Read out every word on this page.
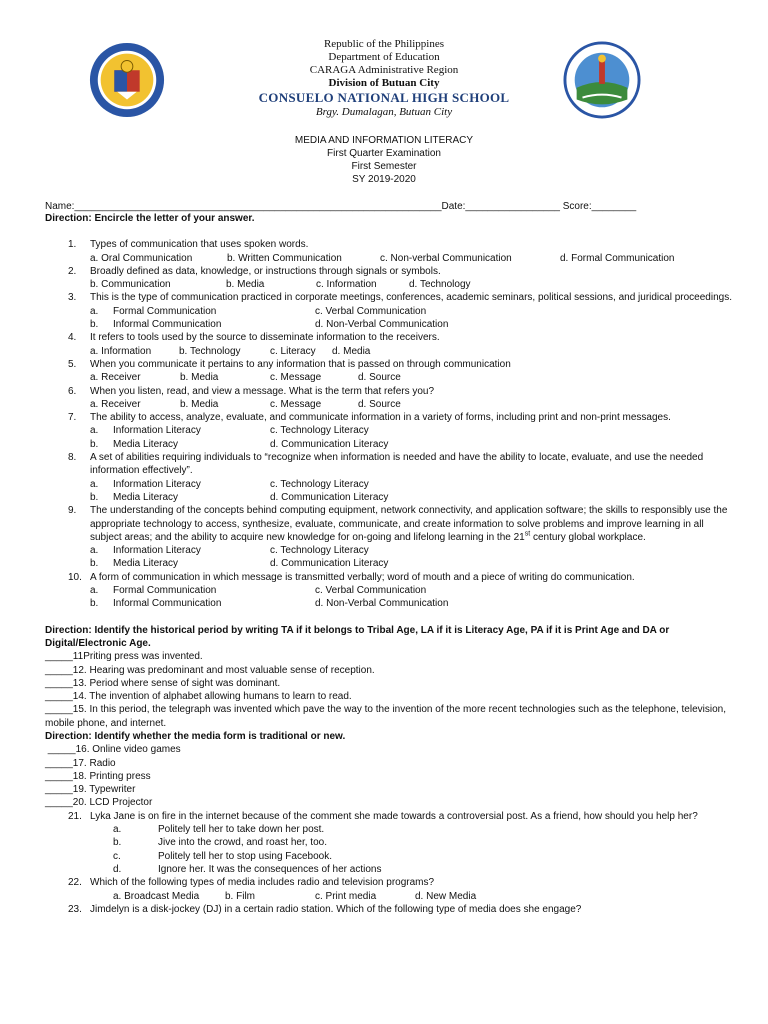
Republic of the Philippines
Department of Education
CARAGA Administrative Region
Division of Butuan City
CONSUELO NATIONAL HIGH SCHOOL
Brgy. Dumalagan, Butuan City
MEDIA AND INFORMATION LITERACY
First Quarter Examination
First Semester
SY 2019-2020
Name:__________________________________________________________________Date:_________________ Score:________
Direction: Encircle the letter of your answer.
1. Types of communication that uses spoken words.
a. Oral Communication	b. Written Communication	c. Non-verbal Communication	d. Formal Communication
2. Broadly defined as data, knowledge, or instructions through signals or symbols.
b. Communication	b. Media	c. Information	d. Technology
3. This is the type of communication practiced in corporate meetings, conferences, academic seminars, political sessions, and juridical proceedings.
a. Formal Communication	c. Verbal Communication
b. Informal Communication	d. Non-Verbal Communication
4. It refers to tools used by the source to disseminate information to the receivers.
a. Information	b. Technology	c. Literacy	d. Media
5. When you communicate it pertains to any information that is passed on through communication
a. Receiver	b. Media	c. Message	d. Source
6. When you listen, read, and view a message. What is the term that refers you?
a. Receiver	b. Media	c. Message	d. Source
7. The ability to access, analyze, evaluate, and communicate information in a variety of forms, including print and non-print messages.
a. Information Literacy	c. Technology Literacy
b. Media Literacy	d. Communication Literacy
8. A set of abilities requiring individuals to “recognize when information is needed and have the ability to locate, evaluate, and use the needed information effectively”.
a. Information Literacy	c. Technology Literacy
b. Media Literacy	d. Communication Literacy
9. The understanding of the concepts behind computing equipment, network connectivity, and application software; the skills to responsibly use the appropriate technology to access, synthesize, evaluate, communicate, and create information to solve problems and improve learning in all subject areas; and the ability to acquire new knowledge for on-going and lifelong learning in the 21st century global workplace.
a. Information Literacy	c. Technology Literacy
b. Media Literacy	d. Communication Literacy
10. A form of communication in which message is transmitted verbally; word of mouth and a piece of writing do communication.
a. Formal Communication	c. Verbal Communication
b. Informal Communication	d. Non-Verbal Communication
Direction: Identify the historical period by writing TA if it belongs to Tribal Age, LA if it is Literacy Age, PA if it is Print Age and DA or Digital/Electronic Age.
_____11Priting press was invented.
_____12. Hearing was predominant and most valuable sense of reception.
_____13. Period where sense of sight was dominant.
_____14. The invention of alphabet allowing humans to learn to read.
_____15. In this period, the telegraph was invented which pave the way to the invention of the more recent technologies such as the telephone, television, mobile phone, and internet.
Direction: Identify whether the media form is traditional or new.
_____16. Online video games
_____17. Radio
_____18. Printing press
_____19. Typewriter
_____20. LCD Projector
21. Lyka Jane is on fire in the internet because of the comment she made towards a controversial post. As a friend, how should you help her?
a.	Politely tell her to take down her post.
b.	Jive into the crowd, and roast her, too.
c.	Politely tell her to stop using Facebook.
d.	Ignore her. It was the consequences of her actions
22. Which of the following types of media includes radio and television programs?
a. Broadcast Media	b. Film	c. Print media	d. New Media
23. Jimdelyn is a disk-jockey (DJ) in a certain radio station. Which of the following type of media does she engage?
